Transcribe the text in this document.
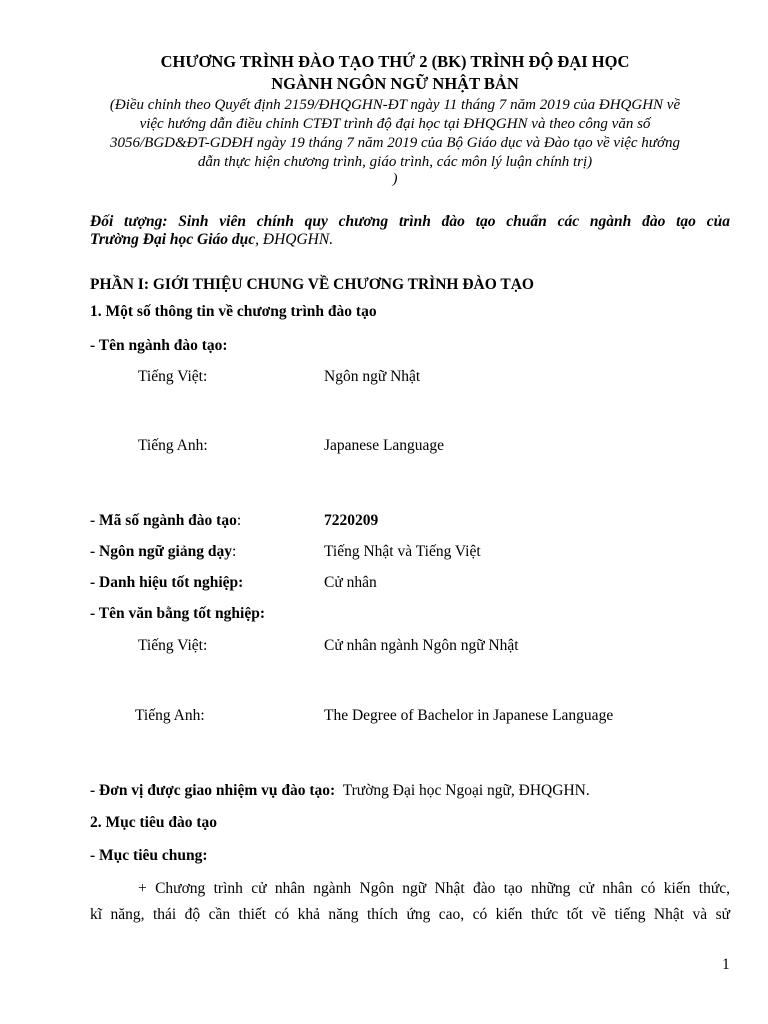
CHƯƠNG TRÌNH ĐÀO TẠO THỨ 2 (BK) TRÌNH ĐỘ ĐẠI HỌC
NGÀNH NGÔN NGỮ NHẬT BẢN
(Điều chỉnh theo Quyết định 2159/ĐHQGHN-ĐT ngày 11 tháng 7 năm 2019 của ĐHQGHN về
việc hướng dẫn điều chỉnh CTĐT trình độ đại học tại ĐHQGHN và theo công văn số
3056/BGD&ĐT-GDĐH ngày 19 tháng 7 năm 2019 của Bộ Giáo dục và Đào tạo về việc hướng
dẫn thực hiện chương trình, giáo trình, các môn lý luận chính trị)
)
Đối tượng: Sinh viên chính quy chương trình đào tạo chuẩn các ngành đào tạo của
Trường Đại học Giáo dục, ĐHQGHN.
PHẦN I: GIỚI THIỆU CHUNG VỀ CHƯƠNG TRÌNH ĐÀO TẠO
1. Một số thông tin về chương trình đào tạo
- Tên ngành đào tạo:
Tiếng Việt:	Ngôn ngữ Nhật
Tiếng Anh:	Japanese Language
- Mã số ngành đào tạo:	7220209
- Ngôn ngữ giảng dạy:	Tiếng Nhật và Tiếng Việt
- Danh hiệu tốt nghiệp:	Cử nhân
- Tên văn bằng tốt nghiệp:
Tiếng Việt:	Cử nhân ngành Ngôn ngữ Nhật
Tiếng Anh:	The Degree of Bachelor in Japanese Language
- Đơn vị được giao nhiệm vụ đào tạo: Trường Đại học Ngoại ngữ, ĐHQGHN.
2. Mục tiêu đào tạo
- Mục tiêu chung:
+ Chương trình cử nhân ngành Ngôn ngữ Nhật đào tạo những cử nhân có kiến thức,
kĩ năng, thái độ cần thiết có khả năng thích ứng cao, có kiến thức tốt về tiếng Nhật và sử
1
